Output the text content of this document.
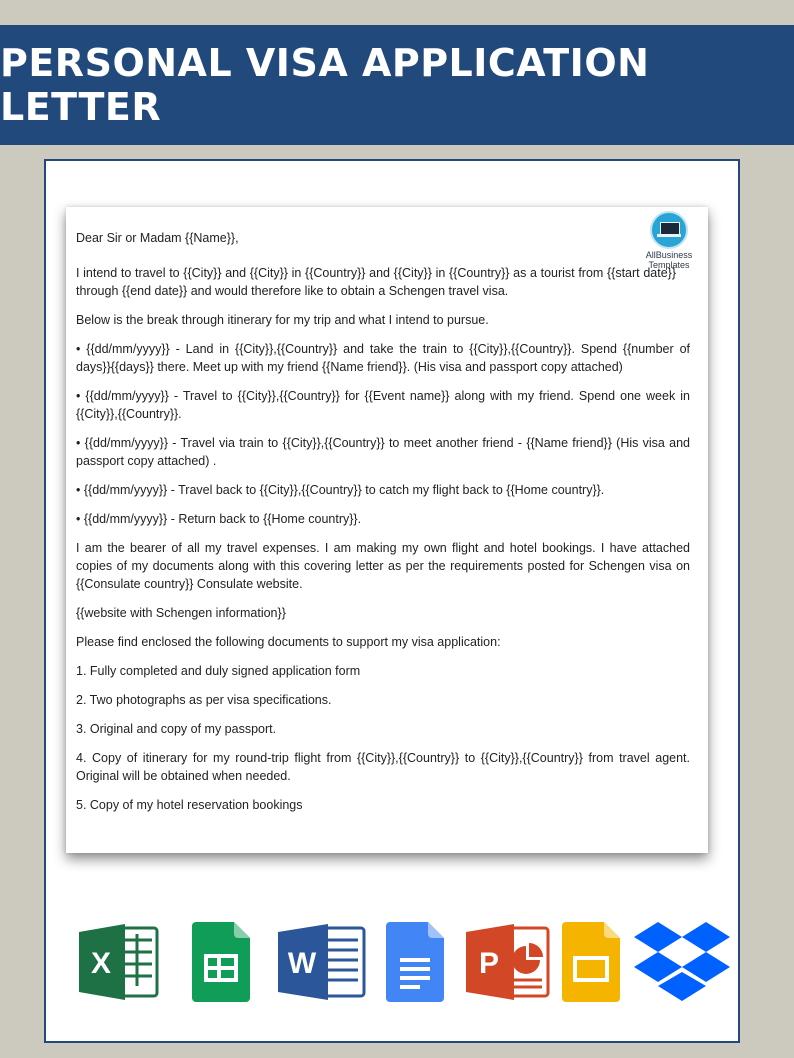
PERSONAL VISA APPLICATION LETTER
AllBusiness
Templates

Dear Sir or Madam {{Name}},

I intend to travel to {{City}} and {{City}} in {{Country}} and {{City}} in {{Country}} as a tourist from {{start date}} through {{end date}} and would therefore like to obtain a Schengen travel visa.

Below is the break through itinerary for my trip and what I intend to pursue.

• {{dd/mm/yyyy}} - Land in {{City}},{{Country}} and take the train to {{City}},{{Country}}. Spend {{number of days}}{{days}} there. Meet up with my friend {{Name friend}}. (His visa and passport copy attached)

• {{dd/mm/yyyy}} - Travel to {{City}},{{Country}} for {{Event name}} along with my friend. Spend one week in {{City}},{{Country}}.

• {{dd/mm/yyyy}} - Travel via train to {{City}},{{Country}} to meet another friend - {{Name friend}} (His visa and passport copy attached) .

• {{dd/mm/yyyy}} - Travel back to {{City}},{{Country}} to catch my flight back to {{Home country}}.

• {{dd/mm/yyyy}} - Return back to {{Home country}}.

I am the bearer of all my travel expenses. I am making my own flight and hotel bookings. I have attached copies of my documents along with this covering letter as per the requirements posted for Schengen visa on {{Consulate country}} Consulate website.

{{website with Schengen information}}

Please find enclosed the following documents to support my visa application:

1. Fully completed and duly signed application form

2. Two photographs as per visa specifications.

3. Original and copy of my passport.

4. Copy of itinerary for my round-trip flight from {{City}},{{Country}} to {{City}},{{Country}} from travel agent. Original will be obtained when needed.

5. Copy of my hotel reservation bookings

X	W	P
